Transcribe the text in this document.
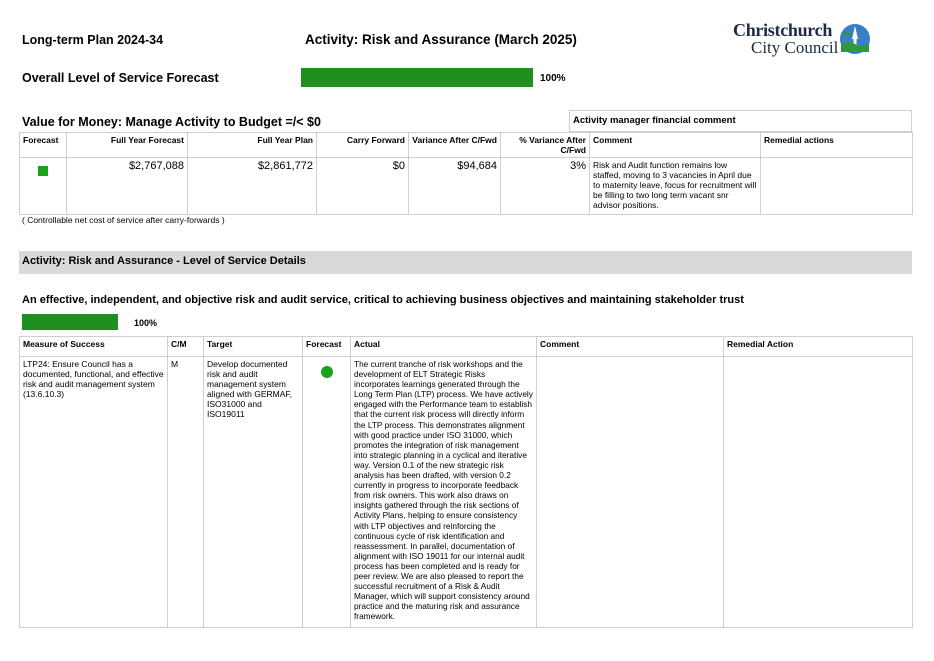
Long-term Plan 2024-34	Activity: Risk and Assurance (March 2025)	Christchurch
City Council
Overall Level of Service Forecast	100%
Value for Money: Manage Activity to Budget =/< $0	Activity manager financial comment
Forecast	Full Year Forecast	Full Year Plan	Carry Forward	Variance After C/Fwd	% Variance After C/Fwd	Comment	Remedial actions
	$2,767,088	$2,861,772	$0	$94,684	3%	Risk and Audit function remains low staffed, moving to 3 vacancies in April due to maternity leave, focus for recruitment will be filling to two long term vacant snr advisor positions.	
( Controllable net cost of service after carry-forwards )
Activity: Risk and Assurance - Level of Service Details
An effective, independent, and objective risk and audit service, critical to achieving business objectives and maintaining stakeholder trust
100%
Measure of Success	C/M	Target	Forecast	Actual	Comment	Remedial Action
LTP24: Ensure Council has a documented, functional, and effective risk and audit management system (13.6.10.3)	M	Develop documented risk and audit management system aligned with GERMAF, ISO31000 and ISO19011		The current tranche of risk workshops and the development of ELT Strategic Risks incorporates learnings generated through the Long Term Plan (LTP) process. We have actively engaged with the Performance team to establish that the current risk process will directly inform the LTP process. This demonstrates alignment with good practice under ISO 31000, which promotes the integration of risk management into strategic planning in a cyclical and iterative way. Version 0.1 of the new strategic risk analysis has been drafted, with version 0.2 currently in progress to incorporate feedback from risk owners. This work also draws on insights gathered through the risk sections of Activity Plans, helping to ensure consistency with LTP objectives and reinforcing the continuous cycle of risk identification and reassessment. In parallel, documentation of alignment with ISO 19011 for our internal audit process has been completed and is ready for peer review. We are also pleased to report the successful recruitment of a Risk & Audit Manager, which will support consistency around practice and the maturing risk and assurance framework.		
